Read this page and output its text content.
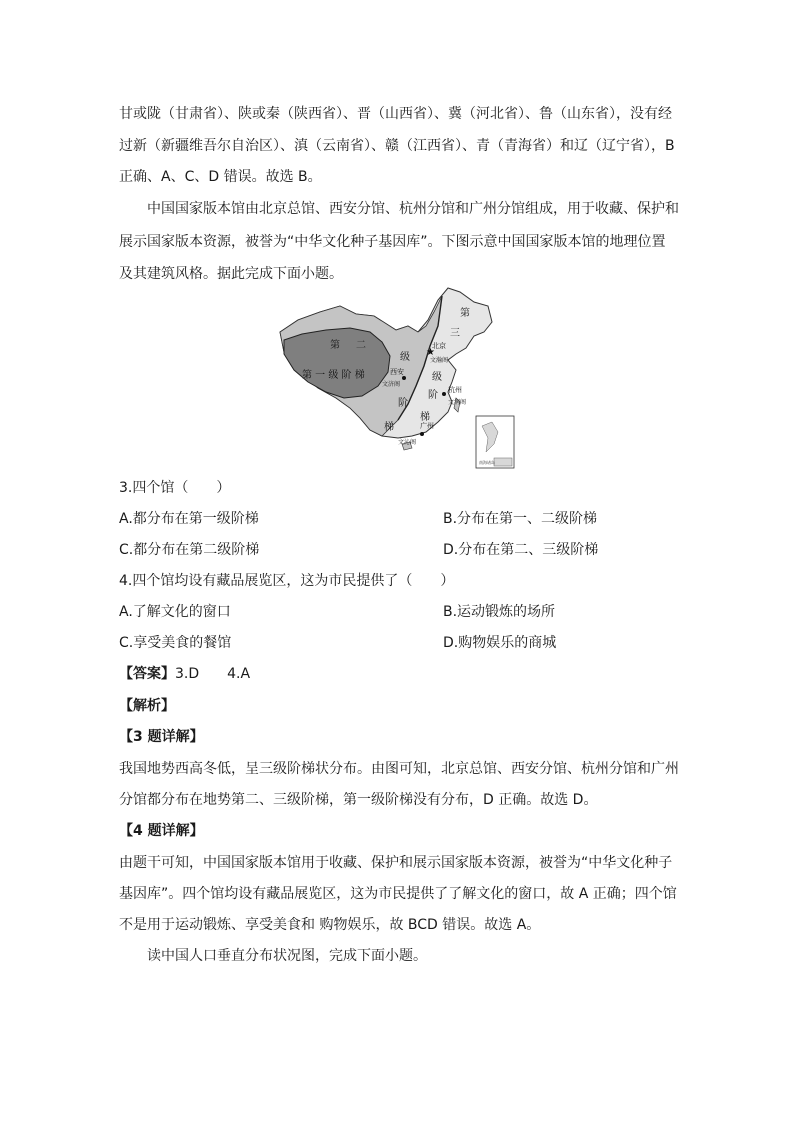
甘或陇（甘肃省）、陕或秦（陕西省）、晋（山西省）、冀（河北省）、鲁（山东省），没有经
过新（新疆维吾尔自治区）、滇（云南省）、赣（江西省）、青（青海省）和辽（辽宁省），B
正确、A、C、D 错误。故选 B。
中国国家版本馆由北京总馆、西安分馆、杭州分馆和广州分馆组成，用于收藏、保护和
展示国家版本资源，被誉为“中华文化种子基因库”。下图示意中国国家版本馆的地理位置
及其建筑风格。据此完成下面小题。
第 一 级 阶 梯
第 二
级
阶
梯
第
三
级
阶
梯
★
北京
文瀚阁
西安
文济阁
杭州
文润阁
广州
文沁阁
南海诸岛
3.四个馆（　　）
A.都分布在第一级阶梯	B.分布在第一、二级阶梯
C.都分布在第二级阶梯	D.分布在第二、三级阶梯
4.四个馆均设有藏品展览区，这为市民提供了（　　）
A.了解文化的窗口	B.运动锻炼的场所
C.享受美食的餐馆	D.购物娱乐的商城
【答案】3.D　　4.A
【解析】
【3 题详解】
我国地势西高冬低，呈三级阶梯状分布。由图可知，北京总馆、西安分馆、杭州分馆和广州
分馆都分布在地势第二、三级阶梯，第一级阶梯没有分布，D 正确。故选 D。
【4 题详解】
由题干可知，中国国家版本馆用于收藏、保护和展示国家版本资源，被誉为“中华文化种子
基因库”。四个馆均设有藏品展览区，这为市民提供了了解文化的窗口，故 A 正确；四个馆
不是用于运动锻炼、享受美食和 购物娱乐，故 BCD 错误。故选 A。
读中国人口垂直分布状况图，完成下面小题。
